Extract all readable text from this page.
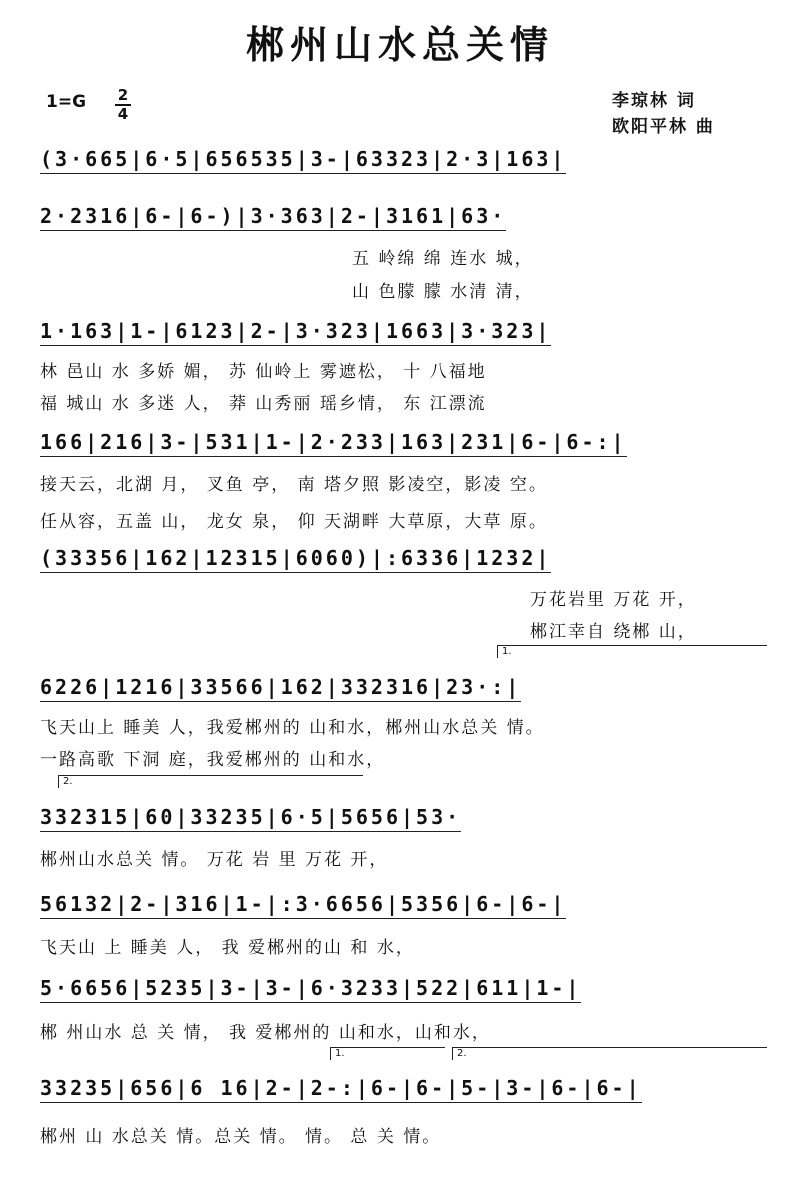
郴州山水总关情
1=G 2
4
李琼林 词
欧阳平林 曲
(3·665|6·5|656535|3-|63323|2·3|163|
2·2316|6-|6-)|3·363|2-|3161|63·
五 岭绵 绵 连水 城，
山 色朦 朦 水清 清，
1·163|1-|6123|2-|3·323|1663|3·323|
林 邑山 水 多娇 媚， 苏 仙岭上 雾遮松， 十 八福地
福 城山 水 多迷 人， 莽 山秀丽 瑶乡情， 东 江漂流
166|216|3-|531|1-|2·233|163|231|6-|6-:|
接天云，北湖 月， 叉鱼 亭， 南 塔夕照 影凌空，影凌 空。
任从容，五盖 山， 龙女 泉， 仰 天湖畔 大草原，大草 原。
(33356|162|12315|6060)|:6336|1232|
万花岩里 万花 开，
郴江幸自 绕郴 山，
1.
6226|1216|33566|162|332316|23·:|
飞天山上 睡美 人，我爱郴州的 山和水，郴州山水总关 情。
一路高歌 下洞 庭，我爱郴州的 山和水，
2.
332315|60|33235|6·5|5656|53·
郴州山水总关 情。 万花 岩 里 万花 开，
56132|2-|316|1-|:3·6656|5356|6-|6-|
飞天山 上 睡美 人， 我 爱郴州的山 和 水，
5·6656|5235|3-|3-|6·3233|522|611|1-|
郴 州山水 总 关 情， 我 爱郴州的 山和水，山和水，
1.	2.
33235|656|6 16|2-|2-:|6-|6-|5-|3-|6-|6-|
郴州 山 水总关 情。总关 情。 情。 总 关 情。
